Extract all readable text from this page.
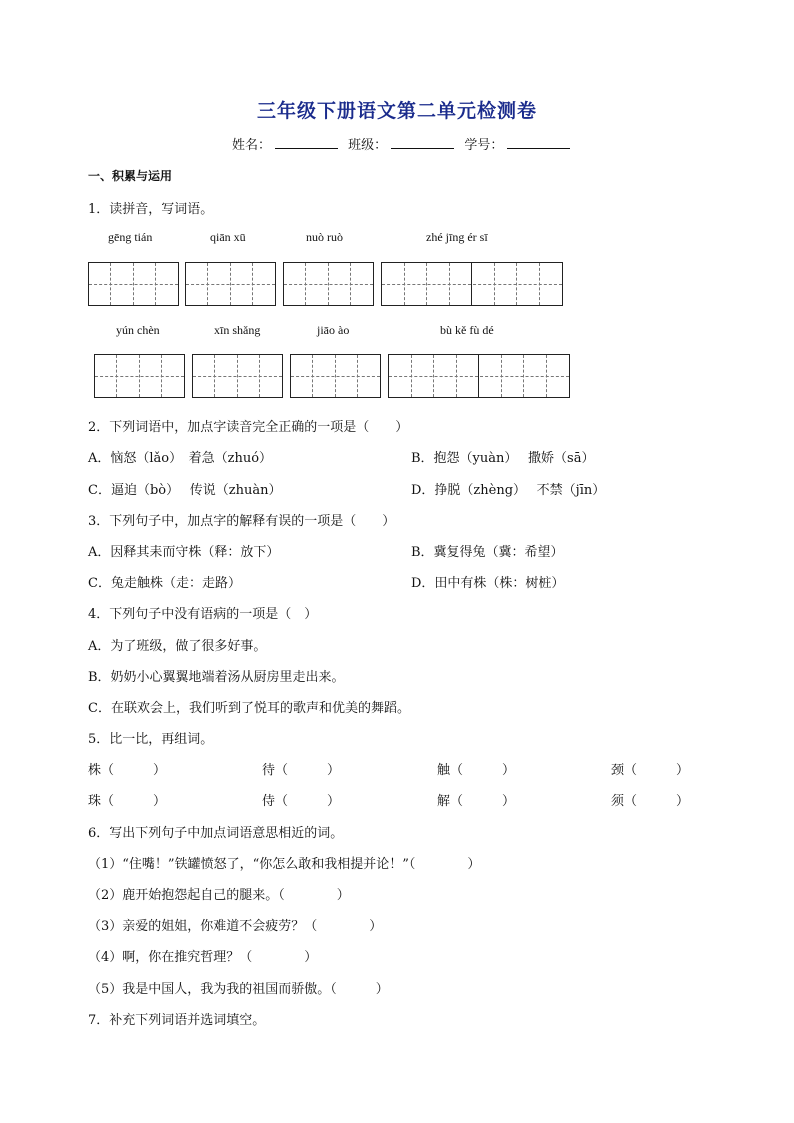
三年级下册语文第二单元检测卷
姓名：	班级：	学号：
一、积累与运用
1．读拼音，写词语。
gēng tián	qiān xū	nuò ruò	zhé jīng ér sī
yún chèn	xīn shǎng	jiāo ào	bù kě fù dé
2．下列词语中，加点字读音完全正确的一项是（　　）
A．恼怒（lǎo）　着急（zhuó）	B．抱怨（yuàn）　 撒娇（sā）
C．逼迫（bò）　 传说（zhuàn）	D．挣脱（zhèng）　 不禁（jīn）
3．下列句子中，加点字的解释有误的一项是（　　）
A．因释其耒而守株（释：放下）	B．冀复得兔（冀：希望）
C．兔走触株（走：走路）	D．田中有株（株：树桩）
4．下列句子中没有语病的一项是（　）
A．为了班级，做了很多好事。
B．奶奶小心翼翼地端着汤从厨房里走出来。
C．在联欢会上，我们听到了悦耳的歌声和优美的舞蹈。
5．比一比，再组词。
株（　　　）	待（　　　）	触（　　　）	颈（　　　）
珠（　　　）	侍（　　　）	解（　　　）	须（　　　）
6．写出下列句子中加点词语意思相近的词。
（1）“住嘴！”铁罐愤怒了，“你怎么敢和我相提并论！”（　　　　）
（2）鹿开始抱怨起自己的腿来。（　　　　）
（3）亲爱的姐姐，你难道不会疲劳？（　　　　）
（4）啊，你在推究哲理？（　　　　）
（5）我是中国人，我为我的祖国而骄傲。（　　　）
7．补充下列词语并选词填空。
